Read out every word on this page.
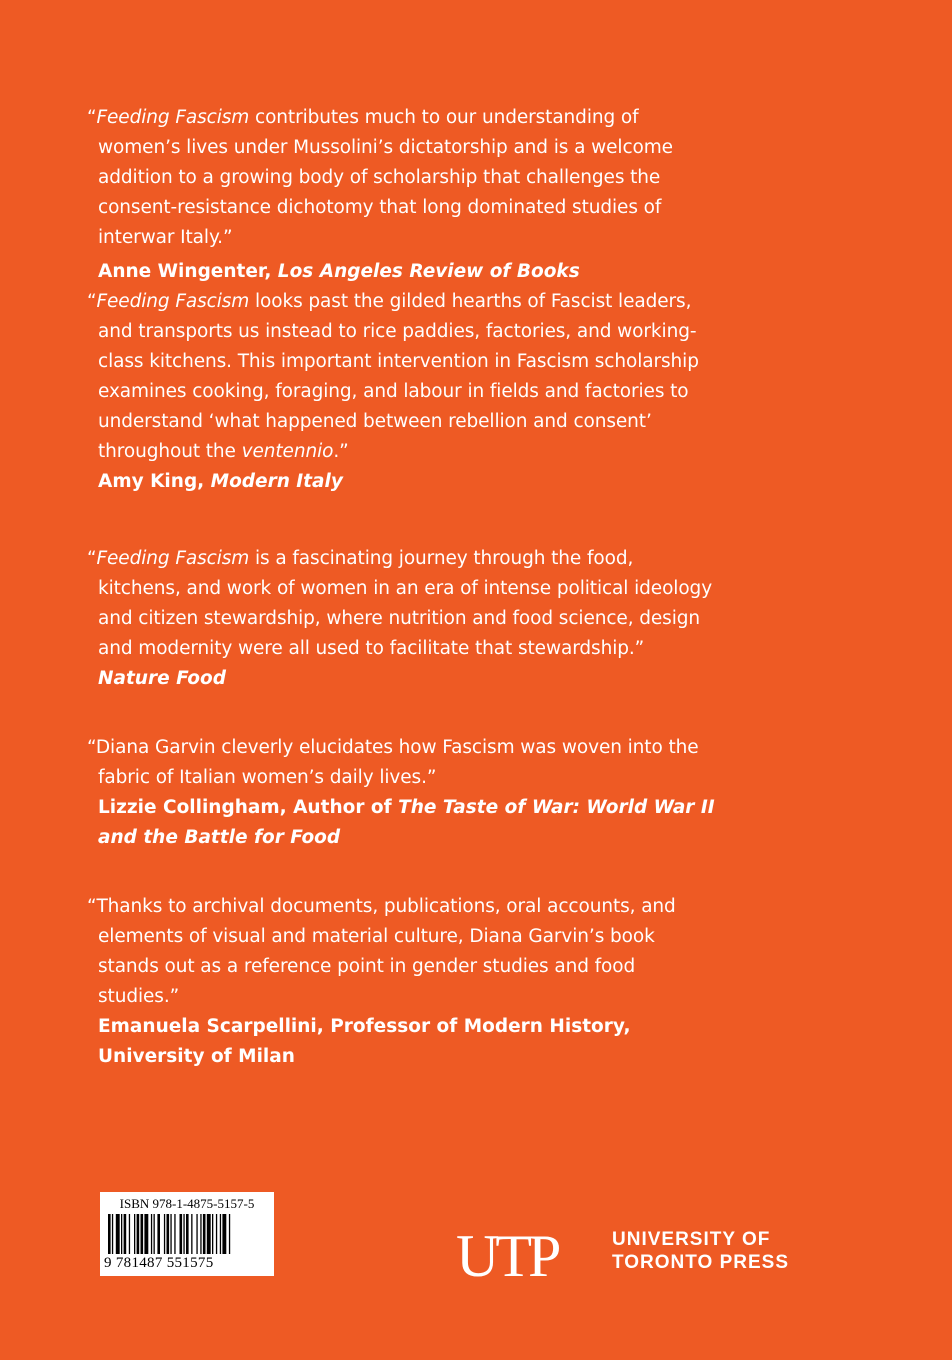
“Feeding Fascism contributes much to our understanding of women’s lives under Mussolini’s dictatorship and is a welcome addition to a growing body of scholarship that challenges the consent-resistance dichotomy that long dominated studies of interwar Italy.”
Anne Wingenter, Los Angeles Review of Books
“Feeding Fascism looks past the gilded hearths of Fascist leaders, and transports us instead to rice paddies, factories, and working-class kitchens. This important intervention in Fascism scholarship examines cooking, foraging, and labour in fields and factories to understand ‘what happened between rebellion and consent’ throughout the ventennio.”
Amy King, Modern Italy
“Feeding Fascism is a fascinating journey through the food, kitchens, and work of women in an era of intense political ideology and citizen stewardship, where nutrition and food science, design and modernity were all used to facilitate that stewardship.”
Nature Food
“Diana Garvin cleverly elucidates how Fascism was woven into the fabric of Italian women’s daily lives.”
Lizzie Collingham, Author of The Taste of War: World War II and the Battle for Food
“Thanks to archival documents, publications, oral accounts, and elements of visual and material culture, Diana Garvin’s book stands out as a reference point in gender studies and food studies.”
Emanuela Scarpellini, Professor of Modern History,
University of Milan
ISBN 978-1-4875-5157-5
9 781487 551575	UTP	UNIVERSITY OF
TORONTO PRESS
